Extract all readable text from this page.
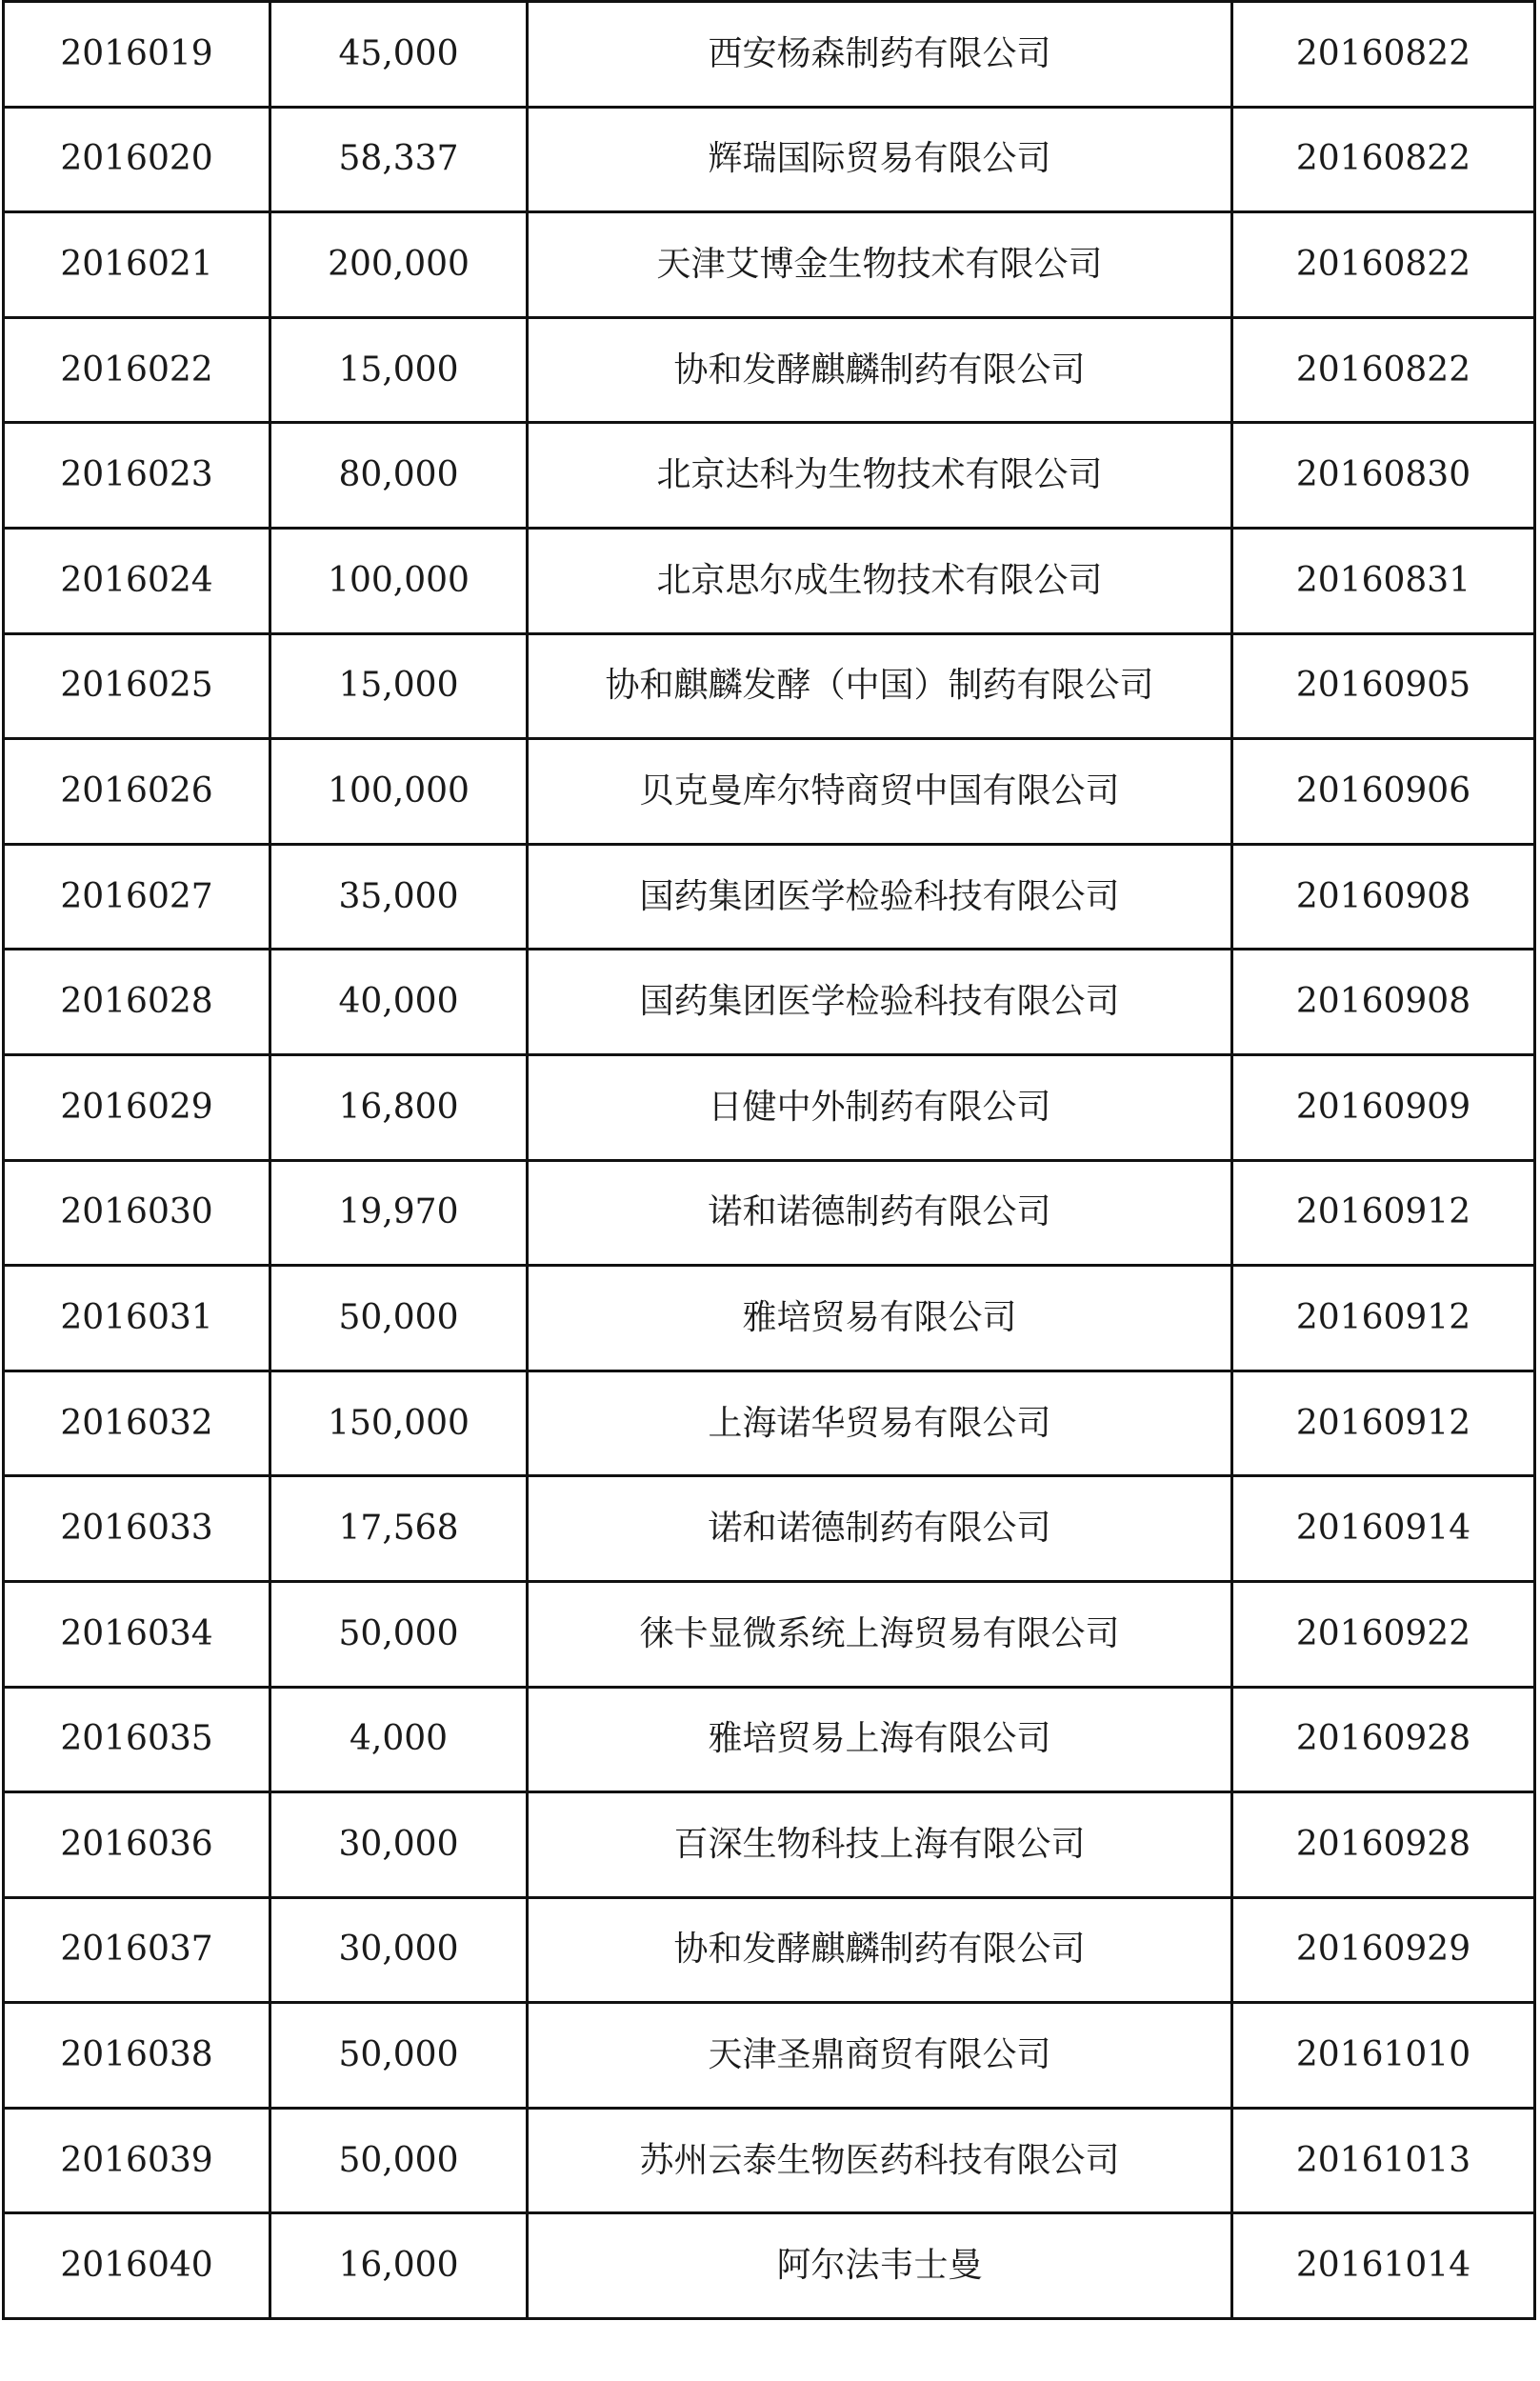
2016019	45,000	西安杨森制药有限公司	20160822
2016020	58,337	辉瑞国际贸易有限公司	20160822
2016021	200,000	天津艾博金生物技术有限公司	20160822
2016022	15,000	协和发酵麒麟制药有限公司	20160822
2016023	80,000	北京达科为生物技术有限公司	20160830
2016024	100,000	北京思尔成生物技术有限公司	20160831
2016025	15,000	协和麒麟发酵（中国）制药有限公司	20160905
2016026	100,000	贝克曼库尔特商贸中国有限公司	20160906
2016027	35,000	国药集团医学检验科技有限公司	20160908
2016028	40,000	国药集团医学检验科技有限公司	20160908
2016029	16,800	日健中外制药有限公司	20160909
2016030	19,970	诺和诺德制药有限公司	20160912
2016031	50,000	雅培贸易有限公司	20160912
2016032	150,000	上海诺华贸易有限公司	20160912
2016033	17,568	诺和诺德制药有限公司	20160914
2016034	50,000	徕卡显微系统上海贸易有限公司	20160922
2016035	4,000	雅培贸易上海有限公司	20160928
2016036	30,000	百深生物科技上海有限公司	20160928
2016037	30,000	协和发酵麒麟制药有限公司	20160929
2016038	50,000	天津圣鼎商贸有限公司	20161010
2016039	50,000	苏州云泰生物医药科技有限公司	20161013
2016040	16,000	阿尔法韦士曼	20161014
